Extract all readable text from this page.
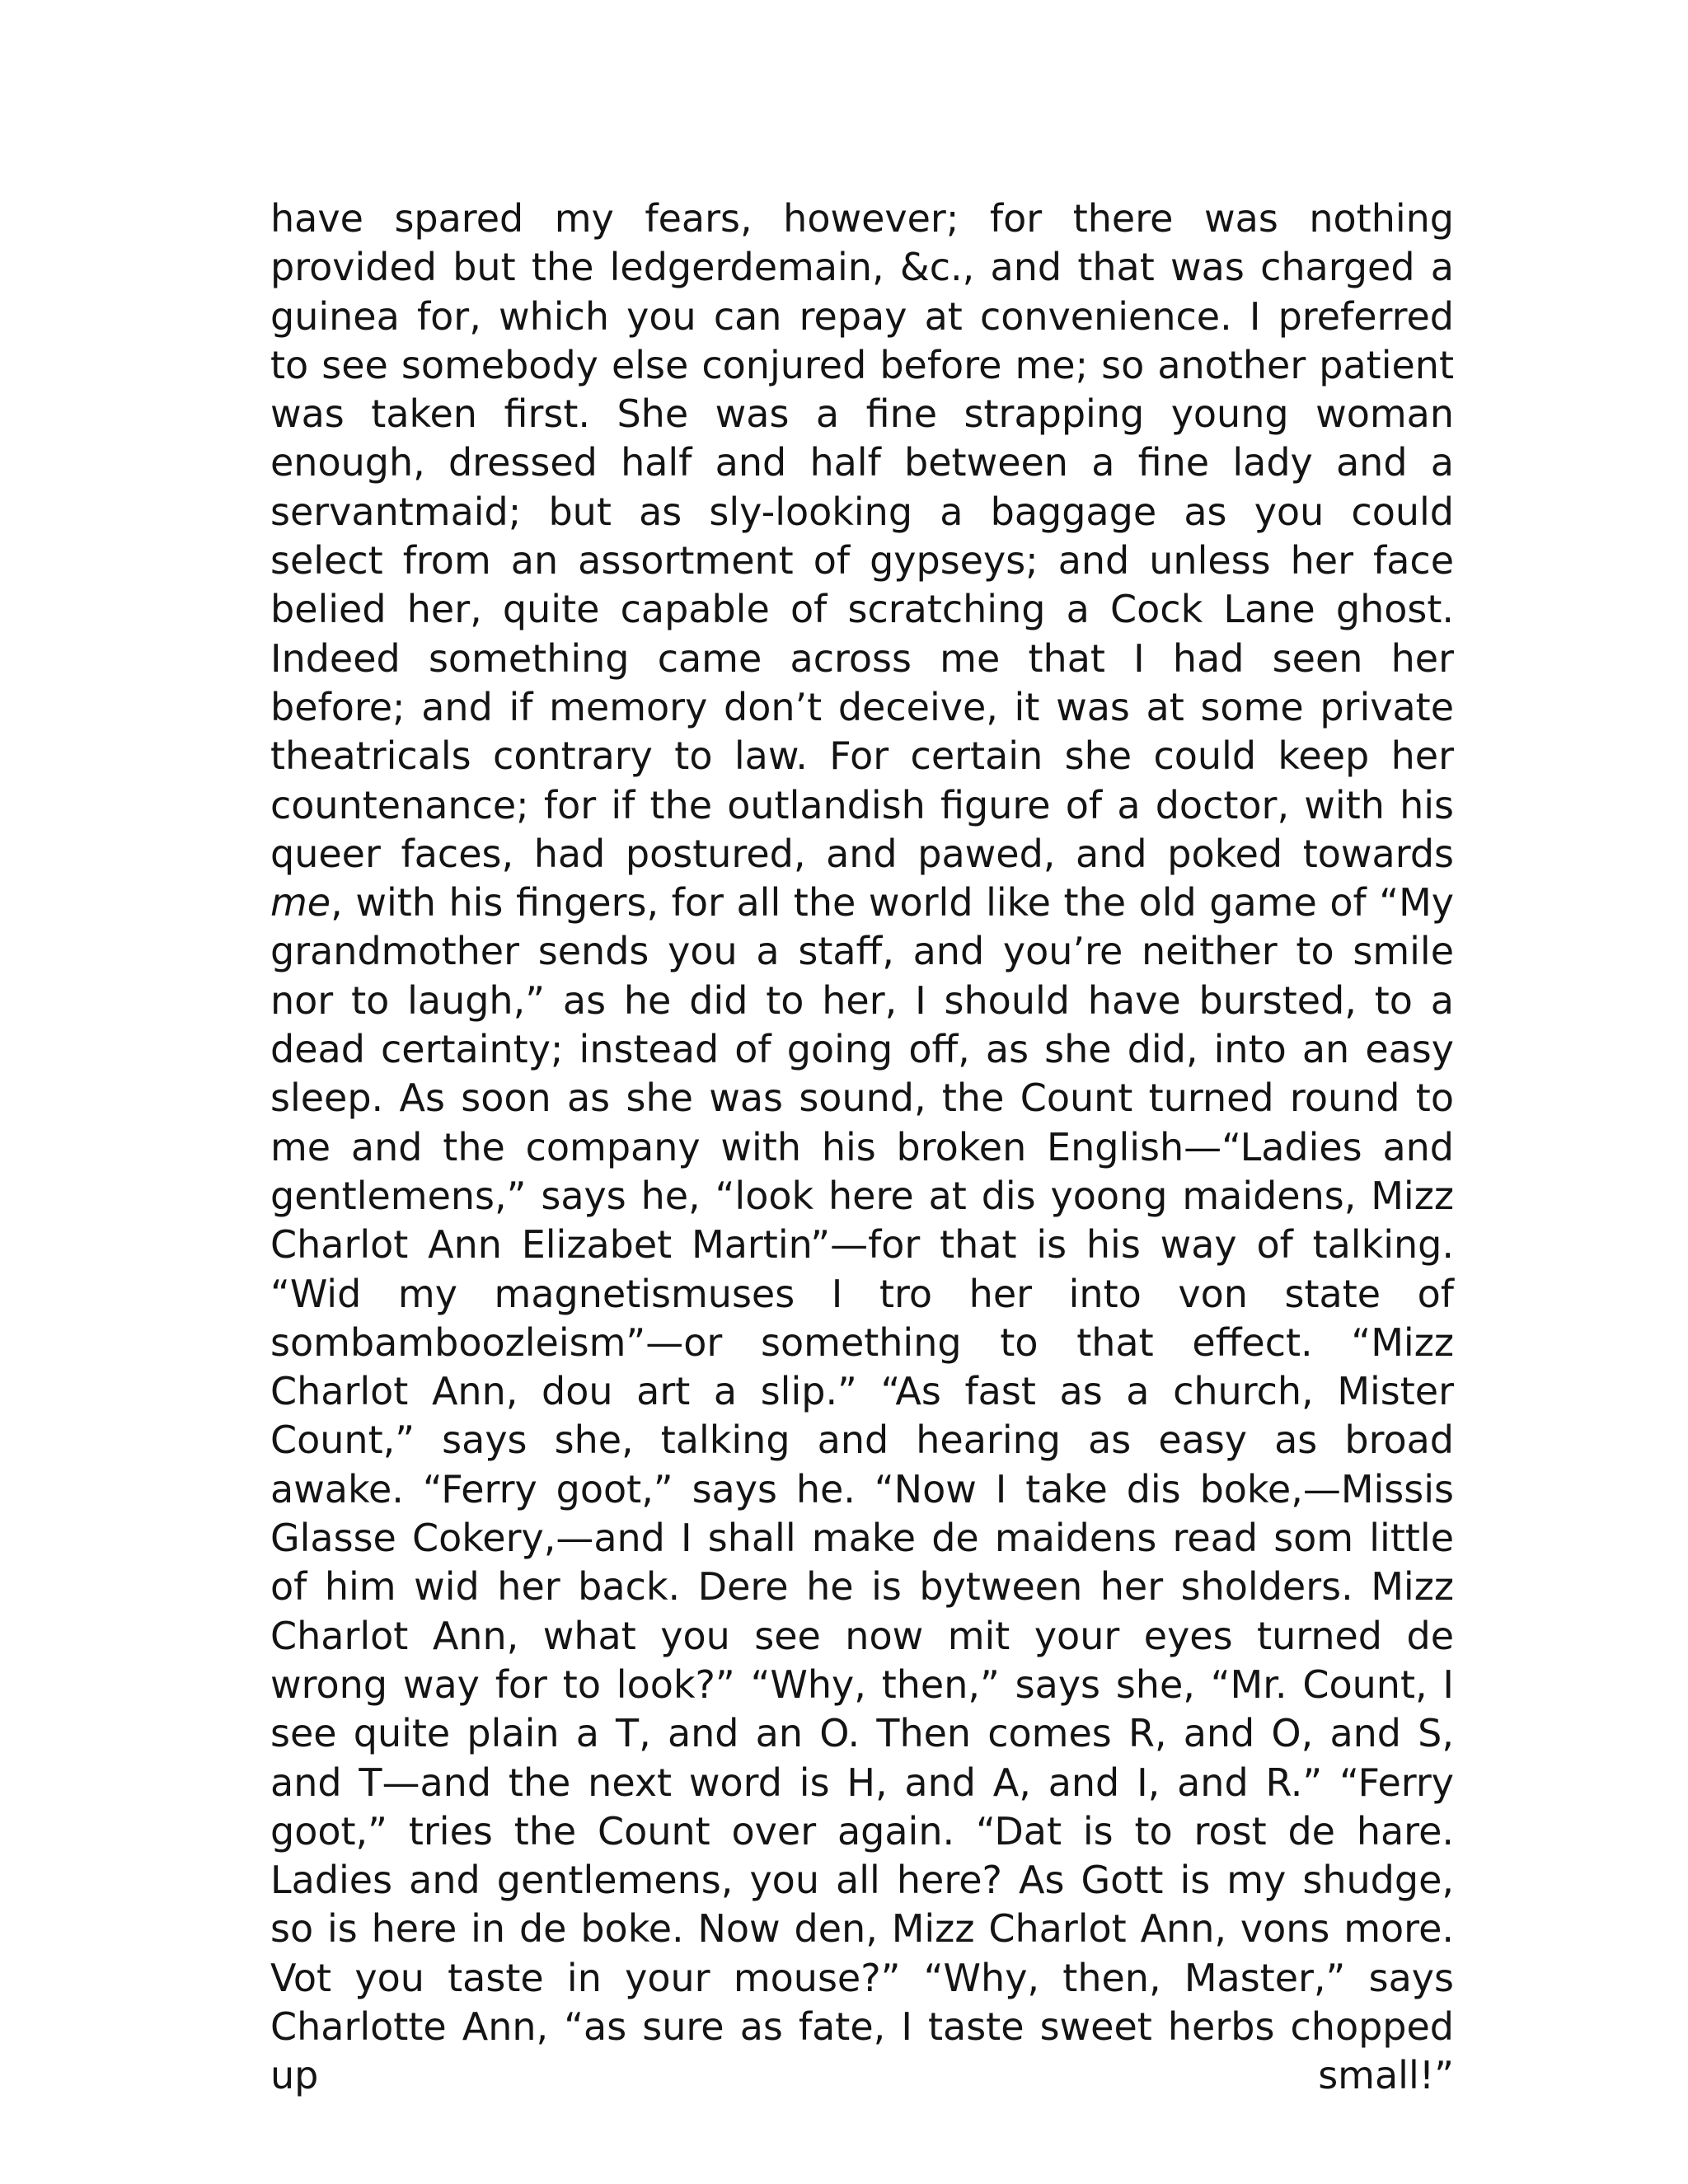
have spared my fears, however; for there was nothing provided but the ledgerdemain, &c., and that was charged a guinea for, which you can repay at convenience. I preferred to see somebody else conjured before me; so another patient was taken first. She was a fine strapping young woman enough, dressed half and half between a fine lady and a servantmaid; but as sly-looking a baggage as you could select from an assortment of gypseys; and unless her face belied her, quite capable of scratching a Cock Lane ghost. Indeed something came across me that I had seen her before; and if memory don’t deceive, it was at some private theatricals contrary to law. For certain she could keep her countenance; for if the outlandish figure of a doctor, with his queer faces, had postured, and pawed, and poked towards me, with his fingers, for all the world like the old game of “My grandmother sends you a staff, and you’re neither to smile nor to laugh,” as he did to her, I should have bursted, to a dead certainty; instead of going off, as she did, into an easy sleep. As soon as she was sound, the Count turned round to me and the company with his broken English—“Ladies and gentlemens,” says he, “look here at dis yoong maidens, Mizz Charlot Ann Elizabet Martin”—for that is his way of talking. “Wid my magnetismuses I tro her into von state of sombamboozleism”—or something to that effect. “Mizz Charlot Ann, dou art a slip.” “As fast as a church, Mister Count,” says she, talking and hearing as easy as broad awake. “Ferry goot,” says he. “Now I take dis boke,—Missis Glasse Cokery,—and I shall make de maidens read som little of him wid her back. Dere he is bytween her sholders. Mizz Charlot Ann, what you see now mit your eyes turned de wrong way for to look?” “Why, then,” says she, “Mr. Count, I see quite plain a T, and an O. Then comes R, and O, and S, and T—and the next word is H, and A, and I, and R.” “Ferry goot,” tries the Count over again. “Dat is to rost de hare. Ladies and gentlemens, you all here? As Gott is my shudge, so is here in de boke. Now den, Mizz Charlot Ann, vons more. Vot you taste in your mouse?” “Why, then, Master,” says Charlotte Ann, “as sure as fate, I taste sweet herbs chopped up small!”
